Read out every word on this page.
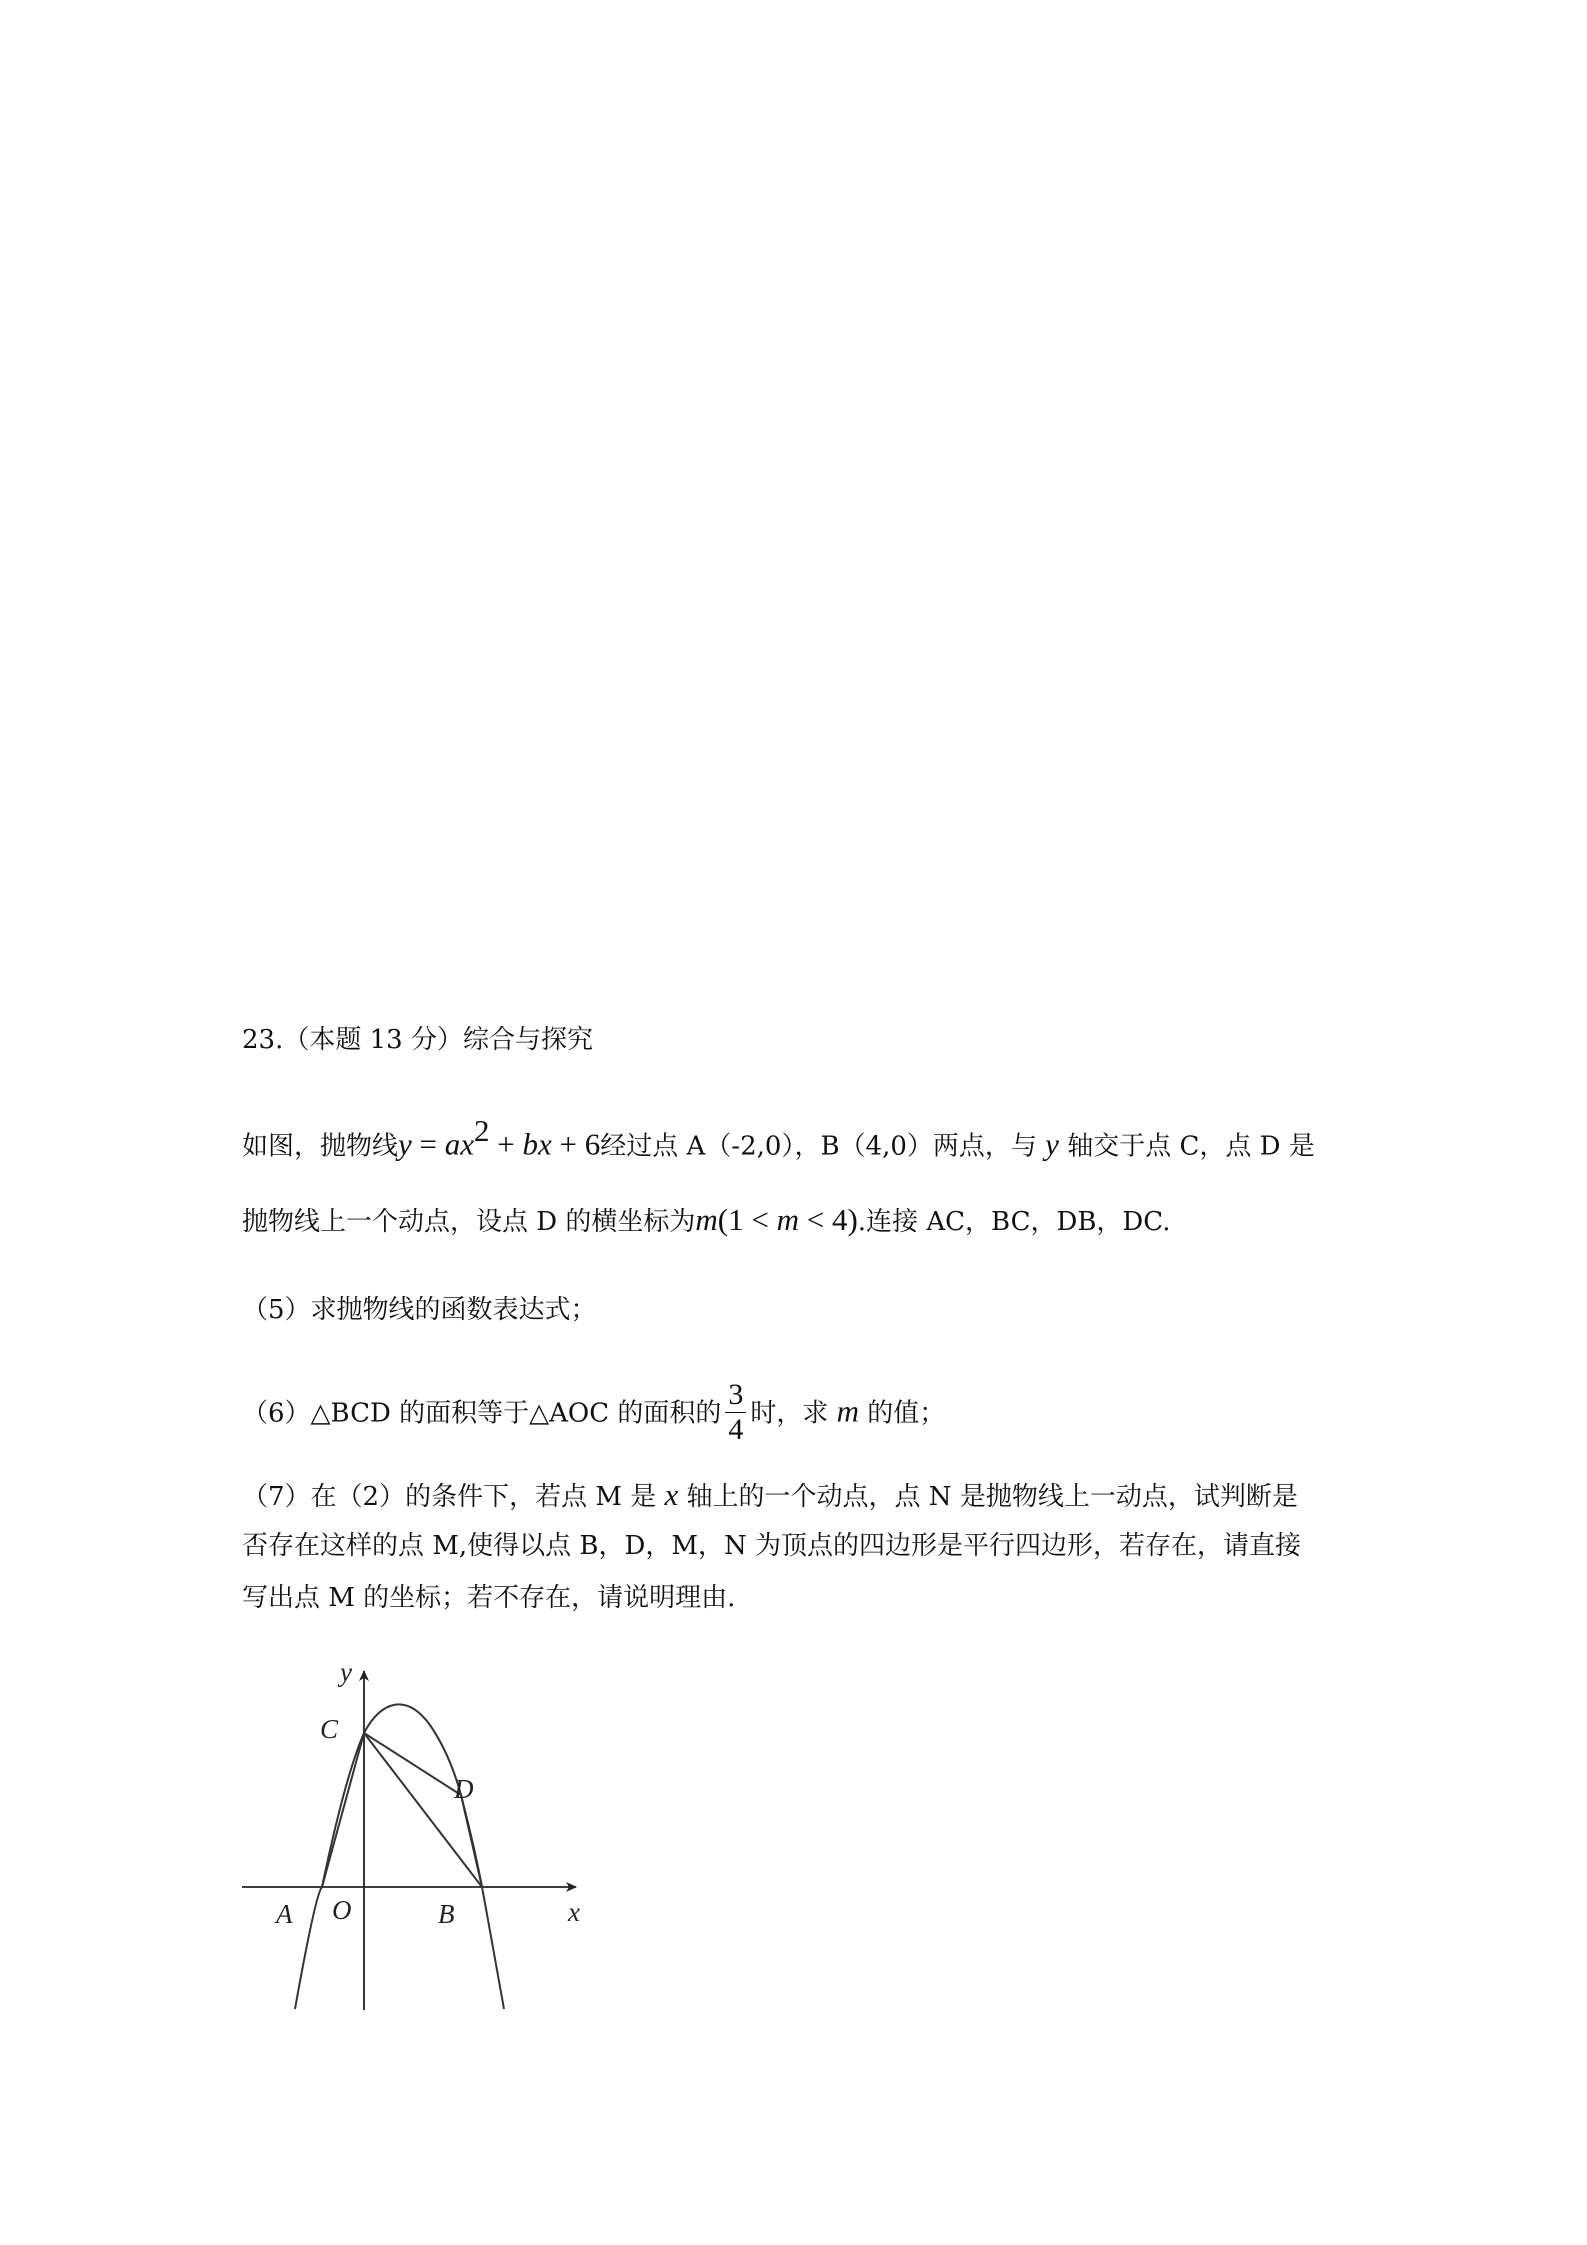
23.（本题 13 分）综合与探究
如图，抛物线$y = ax^2$ + bx + 6经过点 A（-2,0），B（4,0）两点，与 y 轴交于点 C，点 D 是
抛物线上一个动点，设点 D 的横坐标为m(1 < m < 4).连接 AC，BC，DB，DC.
（5）求抛物线的函数表达式；
（6）△BCD 的面积等于△AOC 的面积的 $\frac{3}{4}$ 时，求 m 的值；
（7）在（2）的条件下，若点 M 是 x 轴上的一个动点，点 N 是抛物线上一动点，试判断是
否存在这样的点 M,使得以点 B，D，M，N 为顶点的四边形是平行四边形，若存在，请直接
写出点 M 的坐标；若不存在，请说明理由.
y
x
A O	B
C
D
